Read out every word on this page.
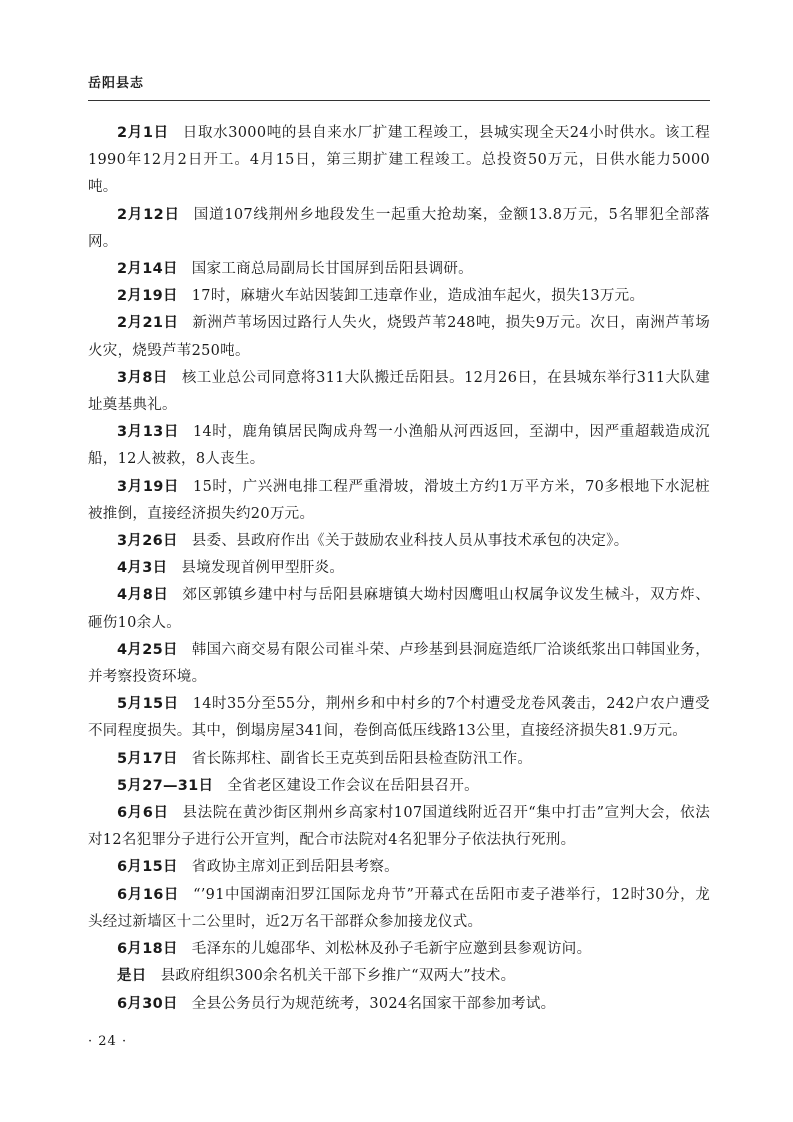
岳阳县志

2月1日 日取水3000吨的县自来水厂扩建工程竣工，县城实现全天24小时供水。该工程1990年12月2日开工。4月15日，第三期扩建工程竣工。总投资50万元，日供水能力5000吨。

2月12日 国道107线荆州乡地段发生一起重大抢劫案，金额13.8万元，5名罪犯全部落网。

2月14日 国家工商总局副局长甘国屏到岳阳县调研。

2月19日 17时，麻塘火车站因装卸工违章作业，造成油车起火，损失13万元。

2月21日 新洲芦苇场因过路行人失火，烧毁芦苇248吨，损失9万元。次日，南洲芦苇场火灾，烧毁芦苇250吨。

3月8日 核工业总公司同意将311大队搬迁岳阳县。12月26日，在县城东举行311大队建址奠基典礼。

3月13日 14时，鹿角镇居民陶成舟驾一小渔船从河西返回，至湖中，因严重超载造成沉船，12人被救，8人丧生。

3月19日 15时，广兴洲电排工程严重滑坡，滑坡土方约1万平方米，70多根地下水泥桩被推倒，直接经济损失约20万元。

3月26日 县委、县政府作出《关于鼓励农业科技人员从事技术承包的决定》。

4月3日 县境发现首例甲型肝炎。

4月8日 郊区郭镇乡建中村与岳阳县麻塘镇大坳村因鹰咀山权属争议发生械斗，双方炸、砸伤10余人。

4月25日 韩国六商交易有限公司崔斗荣、卢珍基到县洞庭造纸厂洽谈纸浆出口韩国业务，并考察投资环境。

5月15日 14时35分至55分，荆州乡和中村乡的7个村遭受龙卷风袭击，242户农户遭受不同程度损失。其中，倒塌房屋341间，卷倒高低压线路13公里，直接经济损失81.9万元。

5月17日 省长陈邦柱、副省长王克英到岳阳县检查防汛工作。

5月27—31日 全省老区建设工作会议在岳阳县召开。

6月6日 县法院在黄沙街区荆州乡高家村107国道线附近召开“集中打击”宣判大会，依法对12名犯罪分子进行公开宣判，配合市法院对4名犯罪分子依法执行死刑。

6月15日 省政协主席刘正到岳阳县考察。

6月16日 “’91中国湖南汨罗江国际龙舟节”开幕式在岳阳市麦子港举行，12时30分，龙头经过新墙区十二公里时，近2万名干部群众参加接龙仪式。

6月18日 毛泽东的儿媳邵华、刘松林及孙子毛新宇应邀到县参观访问。

是日 县政府组织300余名机关干部下乡推广“双两大”技术。

6月30日 全县公务员行为规范统考，3024名国家干部参加考试。

· 24 ·
